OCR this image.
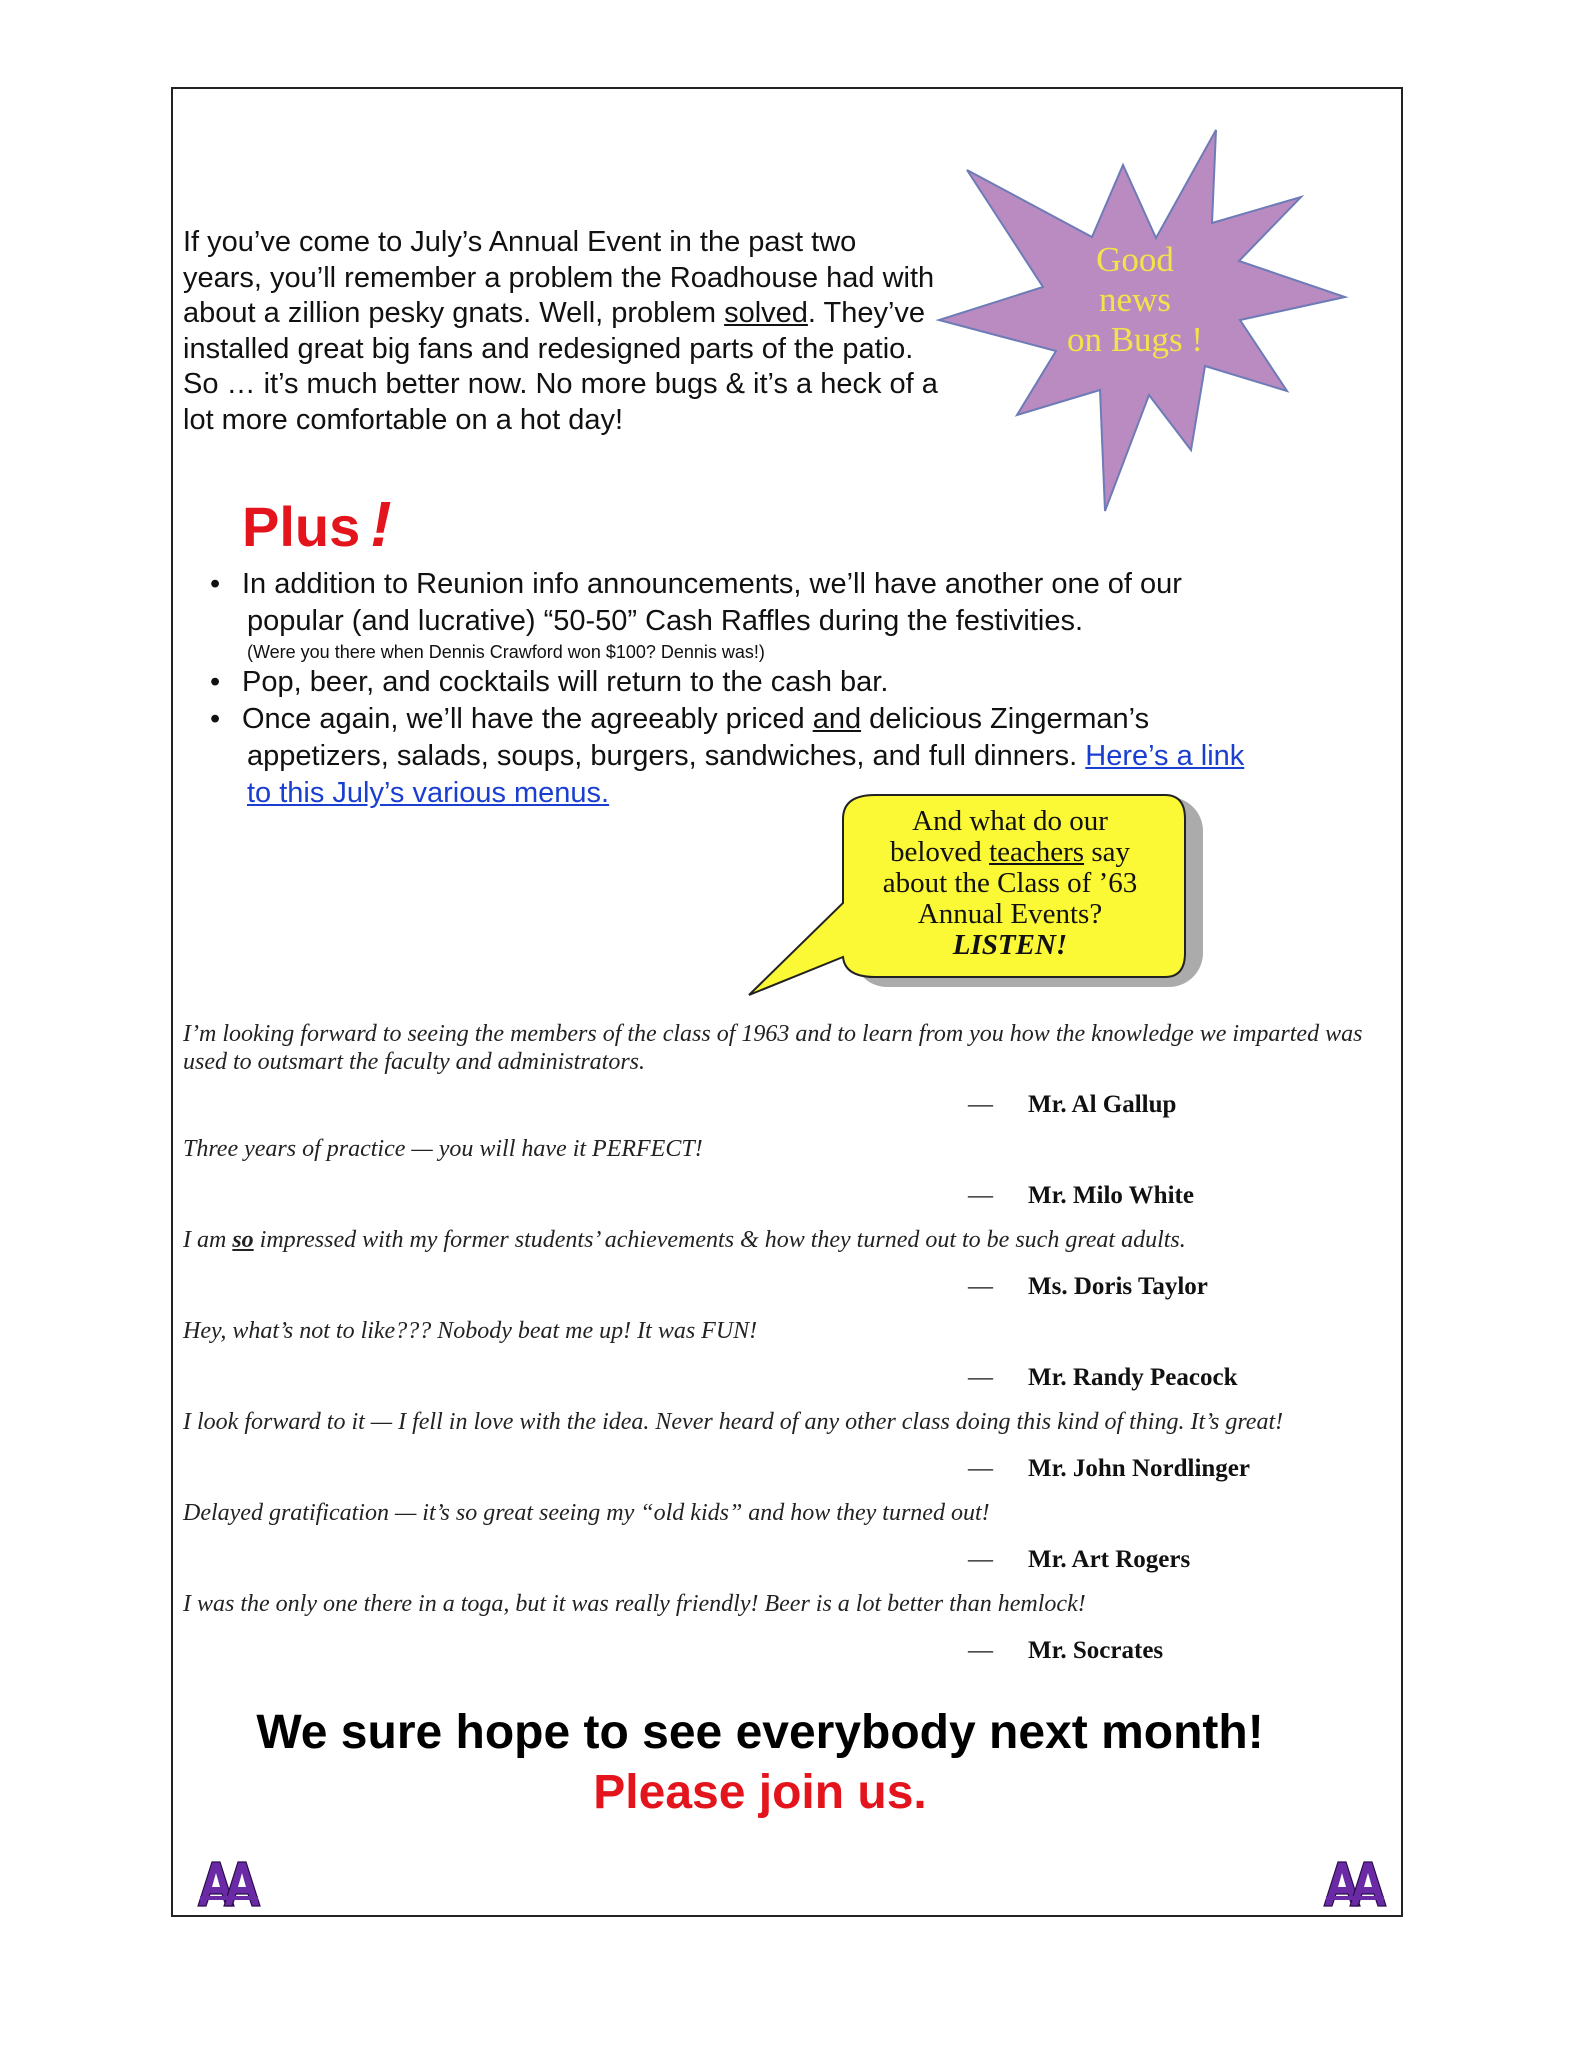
If you’ve come to July’s Annual Event in the past two years, you’ll remember a problem the Roadhouse had with about a zillion pesky gnats. Well, problem solved. They’ve installed great big fans and redesigned parts of the patio. So … it’s much better now. No more bugs & it’s a heck of a lot more comfortable on a hot day!

Good
news
on Bugs !
Plus !
• In addition to Reunion info announcements, we’ll have another one of our
popular (and lucrative) “50-50” Cash Raffles during the festivities.
(Were you there when Dennis Crawford won $100? Dennis was!)
• Pop, beer, and cocktails will return to the cash bar.
• Once again, we’ll have the agreeably priced and delicious Zingerman’s
appetizers, salads, soups, burgers, sandwiches, and full dinners. Here’s a link
to this July’s various menus.
And what do our
beloved teachers say
about the Class of ’63
Annual Events?
LISTEN!

I’m looking forward to seeing the members of the class of 1963 and to learn from you how the knowledge we imparted was used to outsmart the faculty and administrators.

— Mr. Al Gallup

Three years of practice — you will have it PERFECT!

— Mr. Milo White

I am so impressed with my former students’ achievements & how they turned out to be such great adults.

— Ms. Doris Taylor

Hey, what’s not to like??? Nobody beat me up! It was FUN!

— Mr. Randy Peacock

I look forward to it — I fell in love with the idea. Never heard of any other class doing this kind of thing. It’s great!

— Mr. John Nordlinger

Delayed gratification — it’s so great seeing my “old kids” and how they turned out!

— Mr. Art Rogers

I was the only one there in a toga, but it was really friendly! Beer is a lot better than hemlock!

— Mr. Socrates

We sure hope to see everybody next month!
Please join us.
